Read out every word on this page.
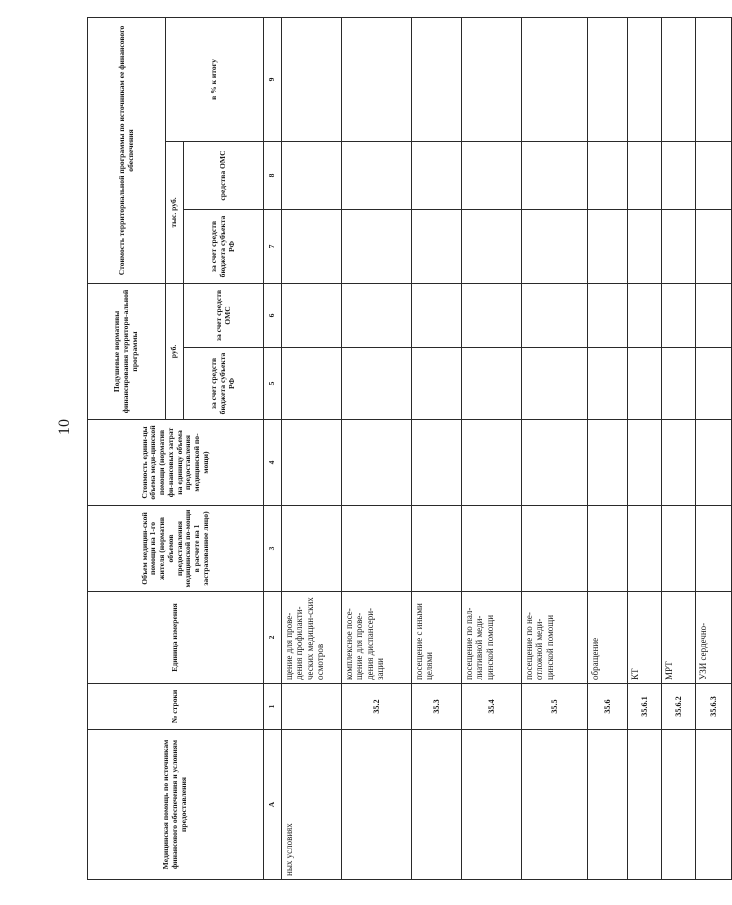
10
Медицинская помощь по источникам финансового обеспечения и условиям предоставления	№ строки	Единица измерения	Объем медицин-ской помощи на 1-го жителя (норматив объемов предоставления медицинской по-мощи в расчете на 1 застрахованное лицо)	Стоимость едини-цы объема меди-цинской помощи (норматив фи-нансовых затрат на единицу объема предоставления медицинской по-мощи)	Подушевые нормативы финансирования территори-альной программы		Стоимость территориальной программы по источникам ее финансового обеспечения		
					руб.		тыс. руб.		в % к итогу
					за счет средств бюджета субъекта РФ	за счет средств ОМС	за счет средств бюджета субъекта РФ	средства ОМС	
А	1	2	3	4	5	6	7	8	9
ных условиях		щение для прове-дения профилакти-ческих медицин-ских осмотров							
	35.2	комплексное посе-щение для прове-дения диспансери-зации							
	35.3	посещение с иными целями							
	35.4	посещение по пал-лиативной меди-цинской помощи							
	35.5	посещение по не-отложной меди-цинской помощи							
	35.6	обращение							
	35.6.1	КТ							
	35.6.2	МРТ							
	35.6.3	УЗИ сердечно-							
